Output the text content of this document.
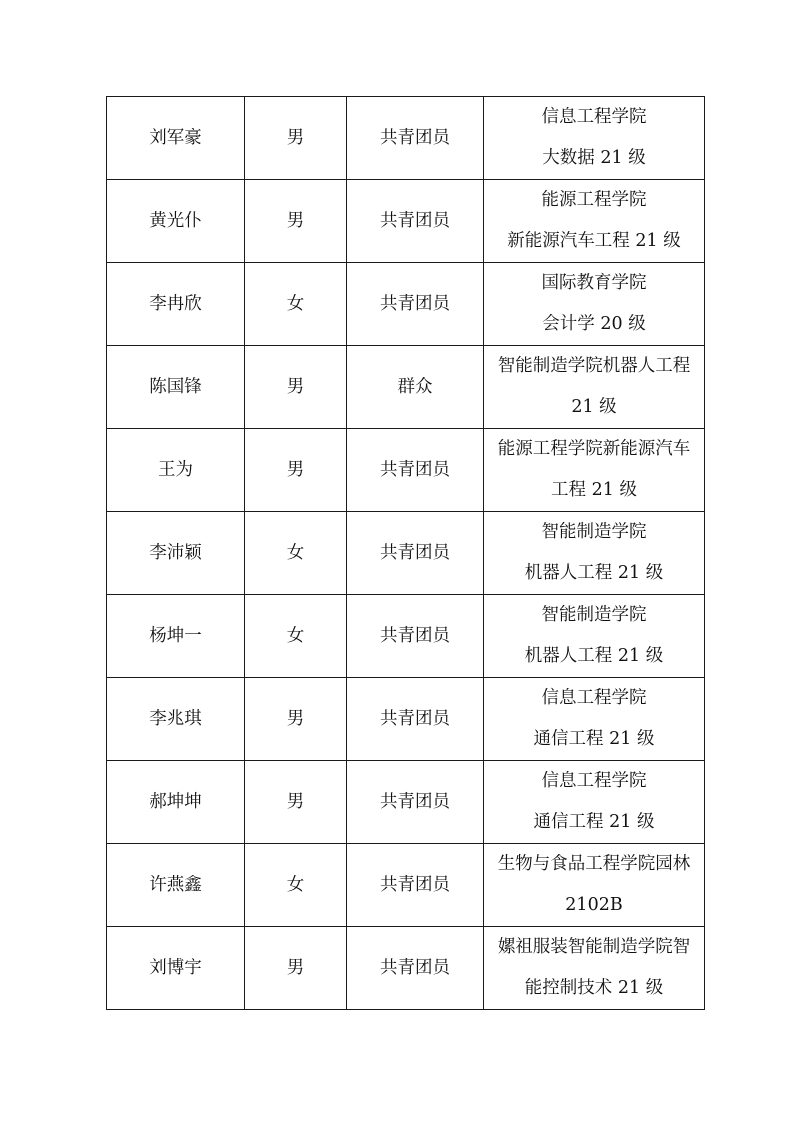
刘军豪	男	共青团员	信息工程学院
大数据 21 级

黄光仆	男	共青团员	能源工程学院
新能源汽车工程 21 级

李冉欣	女	共青团员	国际教育学院
会计学 20 级

陈国锋	男	群众	智能制造学院机器人工程
21 级

王为	男	共青团员	能源工程学院新能源汽车
工程 21 级

李沛颖	女	共青团员	智能制造学院
机器人工程 21 级

杨坤一	女	共青团员	智能制造学院
机器人工程 21 级

李兆琪	男	共青团员	信息工程学院
通信工程 21 级

郝坤坤	男	共青团员	信息工程学院
通信工程 21 级

许燕鑫	女	共青团员	生物与食品工程学院园林
2102B

刘博宇	男	共青团员	嫘祖服装智能制造学院智
能控制技术 21 级
